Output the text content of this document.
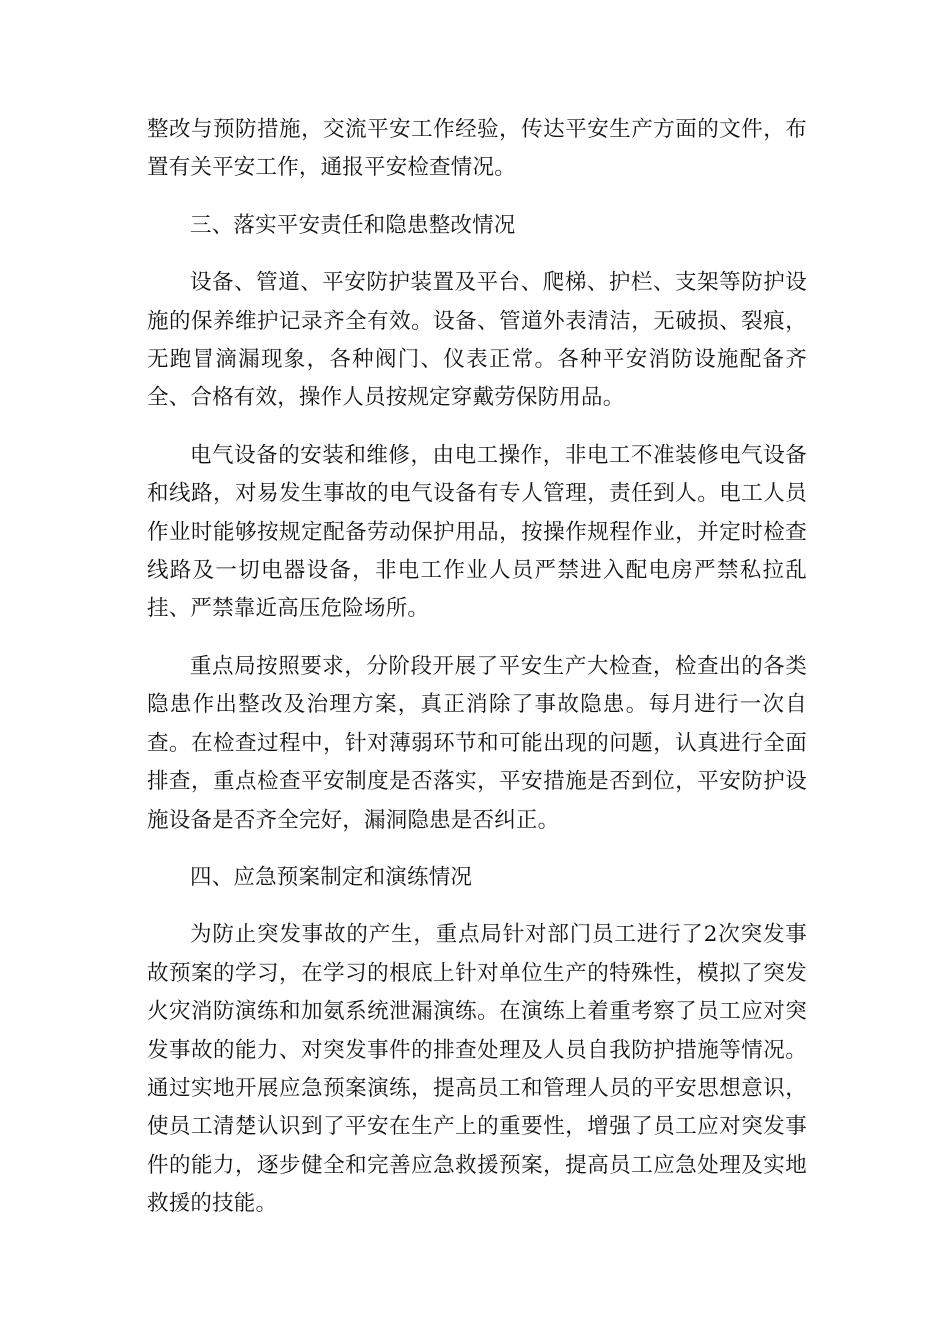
整改与预防措施，交流平安工作经验，传达平安生产方面的文件，布置有关平安工作，通报平安检查情况。

三、落实平安责任和隐患整改情况

设备、管道、平安防护装置及平台、爬梯、护栏、支架等防护设施的保养维护记录齐全有效。设备、管道外表清洁，无破损、裂痕，无跑冒滴漏现象，各种阀门、仪表正常。各种平安消防设施配备齐全、合格有效，操作人员按规定穿戴劳保防用品。

电气设备的安装和维修，由电工操作，非电工不准装修电气设备和线路，对易发生事故的电气设备有专人管理，责任到人。电工人员作业时能够按规定配备劳动保护用品，按操作规程作业，并定时检查线路及一切电器设备，非电工作业人员严禁进入配电房严禁私拉乱挂、严禁靠近高压危险场所。

重点局按照要求，分阶段开展了平安生产大检查，检查出的各类隐患作出整改及治理方案，真正消除了事故隐患。每月进行一次自查。在检查过程中，针对薄弱环节和可能出现的问题，认真进行全面排查，重点检查平安制度是否落实，平安措施是否到位，平安防护设施设备是否齐全完好，漏洞隐患是否纠正。

四、应急预案制定和演练情况

为防止突发事故的产生，重点局针对部门员工进行了2次突发事故预案的学习，在学习的根底上针对单位生产的特殊性，模拟了突发火灾消防演练和加氨系统泄漏演练。在演练上着重考察了员工应对突发事故的能力、对突发事件的排查处理及人员自我防护措施等情况。通过实地开展应急预案演练，提高员工和管理人员的平安思想意识，使员工清楚认识到了平安在生产上的重要性，增强了员工应对突发事件的能力，逐步健全和完善应急救援预案，提高员工应急处理及实地救援的技能。
